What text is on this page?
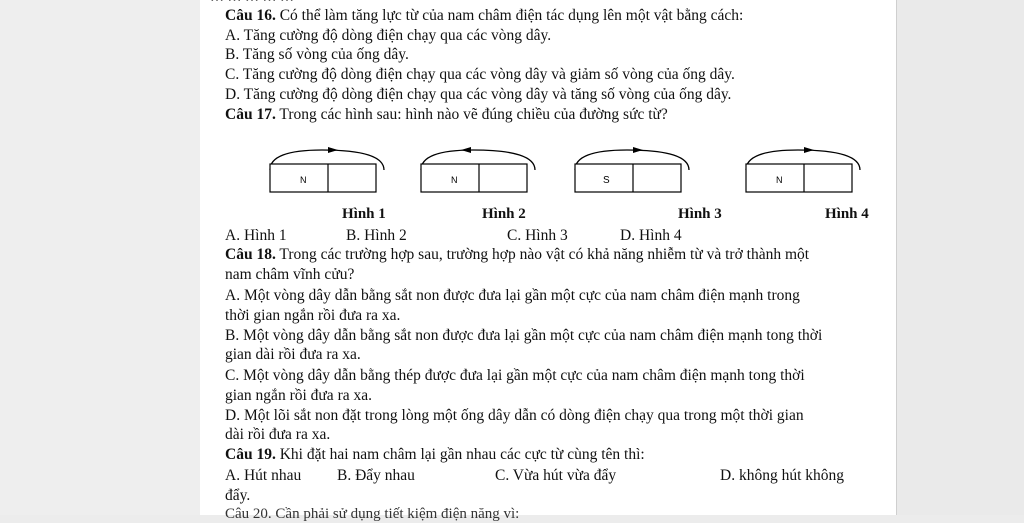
Câu 16. Có thể làm tăng lực từ của nam châm điện tác dụng lên một vật bằng cách:
A. Tăng cường độ dòng điện chạy qua các vòng dây.
B. Tăng số vòng của ống dây.
C. Tăng cường độ dòng điện chạy qua các vòng dây và giảm số vòng của ống dây.
D. Tăng cường độ dòng điện chạy qua các vòng dây và tăng số vòng của ống dây.
Câu 17. Trong các hình sau: hình nào vẽ đúng chiều của đường sức từ?
N	N	S	N
Hình 1	Hình 2	Hình 3	Hình 4
A. Hình 1	B. Hình 2	C. Hình 3	D. Hình 4
Câu 18. Trong các trường hợp sau, trường hợp nào vật có khả năng nhiễm từ và trở thành một
nam châm vĩnh cửu?
A. Một vòng dây dẫn bằng sắt non được đưa lại gần một cực của nam châm điện mạnh trong
thời gian ngắn rồi đưa ra xa.
B. Một vòng dây dẫn bằng sắt non được đưa lại gần một cực của nam châm điện mạnh tong thời
gian dài rồi đưa ra xa.
C. Một vòng dây dẫn bằng thép được đưa lại gần một cực của nam châm điện mạnh tong thời
gian ngắn rồi đưa ra xa.
D. Một lõi sắt non đặt trong lòng một ống dây dẫn có dòng điện chạy qua trong một thời gian
dài rồi đưa ra xa.
Câu 19. Khi đặt hai nam châm lại gần nhau các cực từ cùng tên thì:
A. Hút nhau B. Đẩy nhau	C. Vừa hút vừa đẩy	D. không hút không
đẩy.
Câu 20. Cần phải sử dụng tiết kiệm điện năng vì:
